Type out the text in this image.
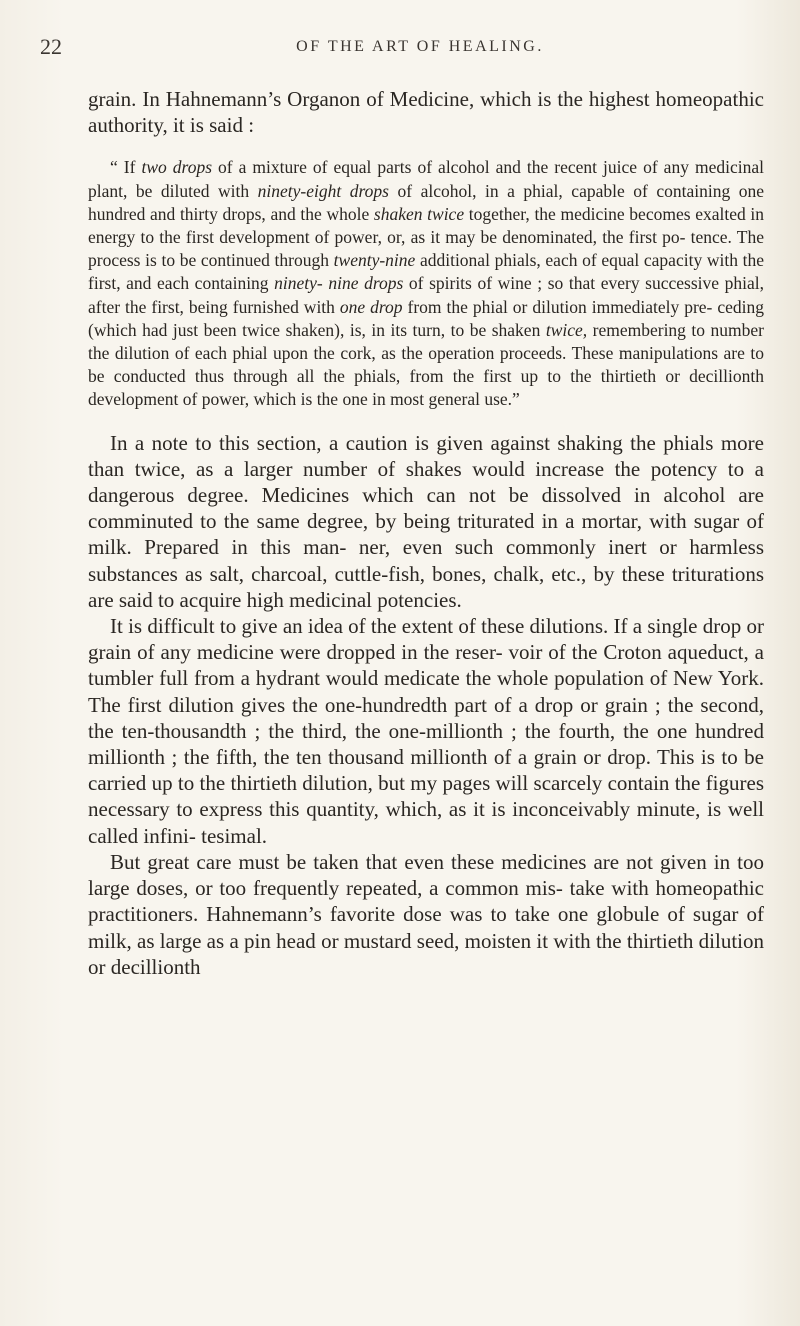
22	OF THE ART OF HEALING.

grain. In Hahnemann’s Organon of Medicine, which is the highest homeopathic authority, it is said :

“ If two drops of a mixture of equal parts of alcohol and the recent juice of any medicinal plant, be diluted with ninety-eight drops of alcohol, in a phial, capable of containing one hundred and thirty drops, and the whole shaken twice together, the medicine becomes exalted in energy to the first development of power, or, as it may be denominated, the first po- tence. The process is to be continued through twenty-nine additional phials, each of equal capacity with the first, and each containing ninety- nine drops of spirits of wine ; so that every successive phial, after the first, being furnished with one drop from the phial or dilution immediately pre- ceding (which had just been twice shaken), is, in its turn, to be shaken twice, remembering to number the dilution of each phial upon the cork, as the operation proceeds. These manipulations are to be conducted thus through all the phials, from the first up to the thirtieth or decillionth development of power, which is the one in most general use.”

In a note to this section, a caution is given against shaking the phials more than twice, as a larger number of shakes would increase the potency to a dangerous degree. Medicines which can not be dissolved in alcohol are comminuted to the same degree, by being triturated in a mortar, with sugar of milk. Prepared in this man- ner, even such commonly inert or harmless substances as salt, charcoal, cuttle-fish, bones, chalk, etc., by these triturations are said to acquire high medicinal potencies.

It is difficult to give an idea of the extent of these dilutions. If a single drop or grain of any medicine were dropped in the reser- voir of the Croton aqueduct, a tumbler full from a hydrant would medicate the whole population of New York. The first dilution gives the one-hundredth part of a drop or grain ; the second, the ten-thousandth ; the third, the one-millionth ; the fourth, the one hundred millionth ; the fifth, the ten thousand millionth of a grain or drop. This is to be carried up to the thirtieth dilution, but my pages will scarcely contain the figures necessary to express this quantity, which, as it is inconceivably minute, is well called infini- tesimal.

But great care must be taken that even these medicines are not given in too large doses, or too frequently repeated, a common mis- take with homeopathic practitioners. Hahnemann’s favorite dose was to take one globule of sugar of milk, as large as a pin head or mustard seed, moisten it with the thirtieth dilution or decillionth
